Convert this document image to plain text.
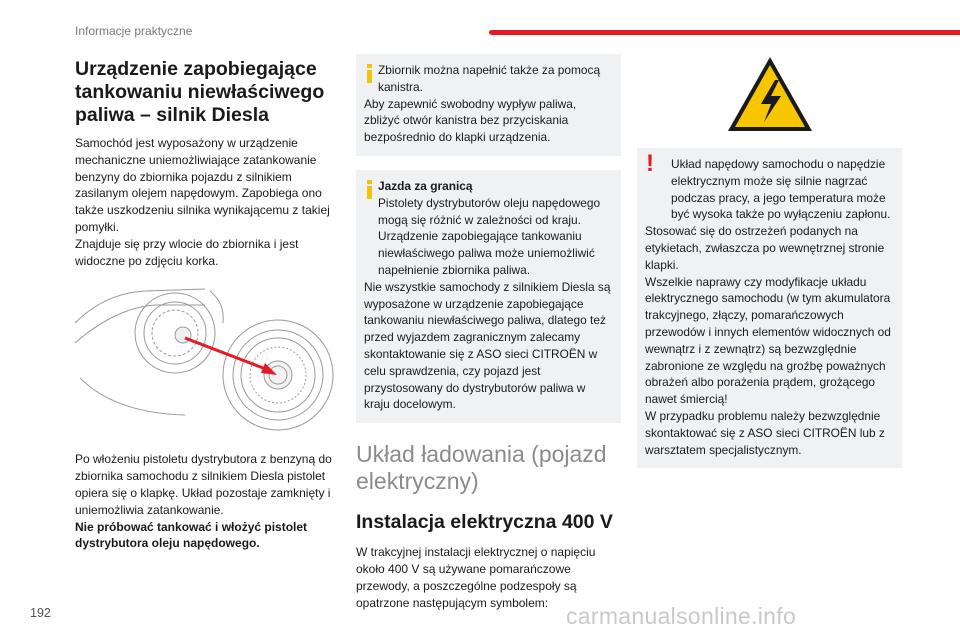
Informacje praktyczne
Urządzenie zapobiegające tankowaniu niewłaściwego paliwa – silnik Diesla

Samochód jest wyposażony w urządzenie mechaniczne uniemożliwiające zatankowanie benzyny do zbiornika pojazdu z silnikiem zasilanym olejem napędowym. Zapobiega ono także uszkodzeniu silnika wynikającemu z takiej pomyłki.

Znajduje się przy wlocie do zbiornika i jest widoczne po zdjęciu korka.

Po włożeniu pistoletu dystrybutora z benzyną do zbiornika samochodu z silnikiem Diesla pistolet opiera się o klapkę. Układ pozostaje zamknięty i uniemożliwia zatankowanie.

Nie próbować tankować i włożyć pistolet dystrybutora oleju napędowego.

Zbiornik można napełnić także za pomocą kanistra.

Aby zapewnić swobodny wypływ paliwa, zbliżyć otwór kanistra bez przyciskania bezpośrednio do klapki urządzenia.

Jazda za granicą

Pistolety dystrybutorów oleju napędowego mogą się różnić w zależności od kraju. Urządzenie zapobiegające tankowaniu niewłaściwego paliwa może uniemożliwić napełnienie zbiornika paliwa.

Nie wszystkie samochody z silnikiem Diesla są wyposażone w urządzenie zapobiegające tankowaniu niewłaściwego paliwa, dlatego też przed wyjazdem zagranicznym zalecamy skontaktowanie się z ASO sieci CITROËN w celu sprawdzenia, czy pojazd jest przystosowany do dystrybutorów paliwa w kraju docelowym.

Układ ładowania (pojazd elektryczny)
Instalacja elektryczna 400 V

W trakcyjnej instalacji elektrycznej o napięciu około 400 V są używane pomarańczowe przewody, a poszczególne podzespoły są opatrzone następującym symbolem:

!	Układ napędowy samochodu o napędzie elektrycznym może się silnie nagrzać podczas pracy, a jego temperatura może być wysoka także po wyłączeniu zapłonu.

Stosować się do ostrzeżeń podanych na etykietach, zwłaszcza po wewnętrznej stronie klapki.

Wszelkie naprawy czy modyfikacje układu elektrycznego samochodu (w tym akumulatora trakcyjnego, złączy, pomarańczowych przewodów i innych elementów widocznych od wewnątrz i z zewnątrz) są bezwzględnie zabronione ze względu na groźbę poważnych obrażeń albo porażenia prądem, grożącego nawet śmiercią!

W przypadku problemu należy bezwzględnie skontaktować się z ASO sieci CITROËN lub z warsztatem specjalistycznym.

192	carmanualsonline.info
